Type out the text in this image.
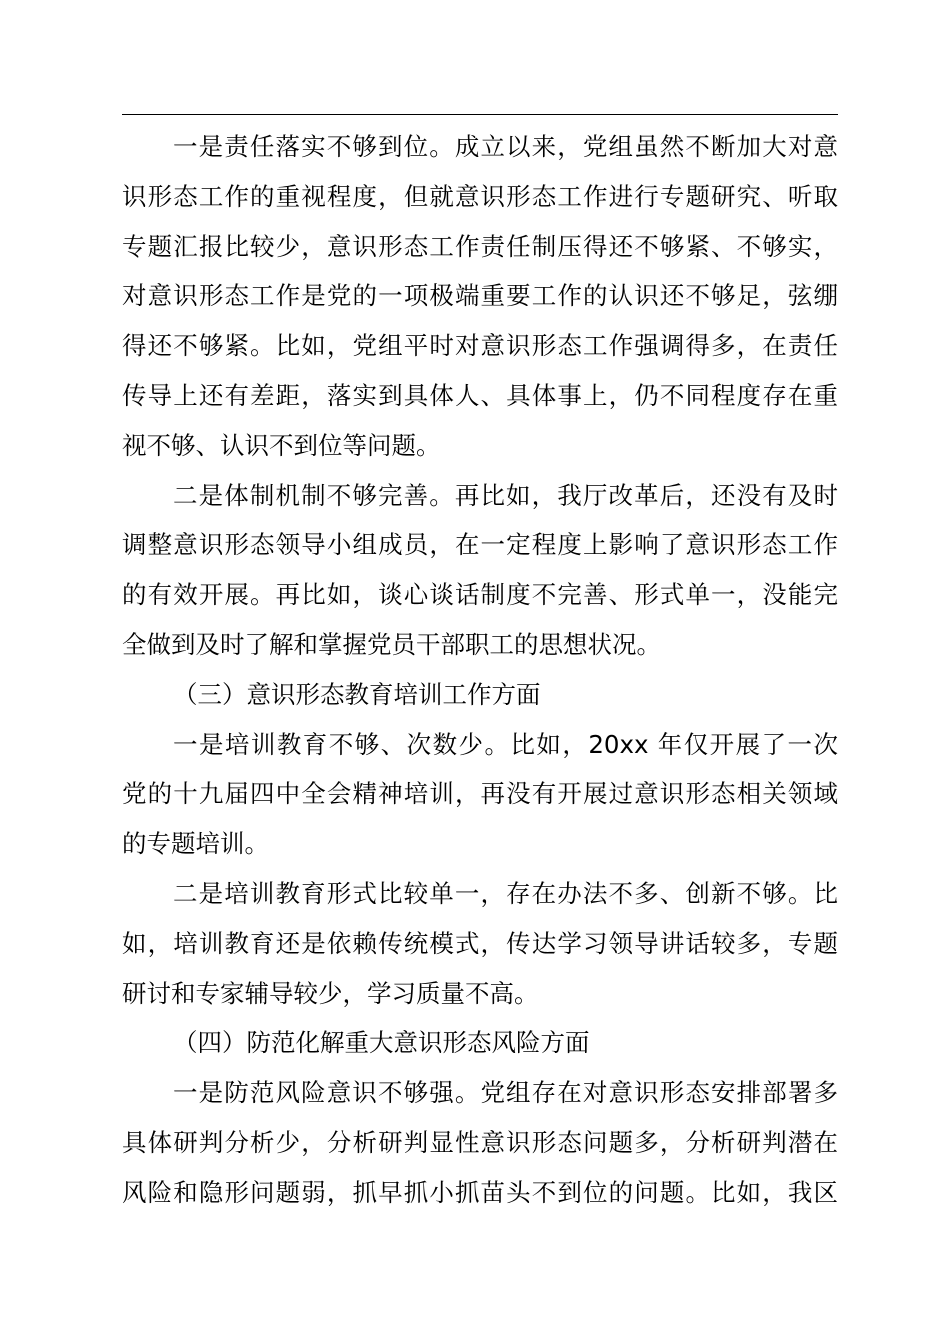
一是责任落实不够到位。成立以来，党组虽然不断加大对意
识形态工作的重视程度，但就意识形态工作进行专题研究、听取
专题汇报比较少，意识形态工作责任制压得还不够紧、不够实，
对意识形态工作是党的一项极端重要工作的认识还不够足，弦绷
得还不够紧。比如，党组平时对意识形态工作强调得多，在责任
传导上还有差距，落实到具体人、具体事上，仍不同程度存在重
视不够、认识不到位等问题。
二是体制机制不够完善。再比如，我厅改革后，还没有及时
调整意识形态领导小组成员，在一定程度上影响了意识形态工作
的有效开展。再比如，谈心谈话制度不完善、形式单一，没能完
全做到及时了解和掌握党员干部职工的思想状况。
（三）意识形态教育培训工作方面
一是培训教育不够、次数少。比如，20xx 年仅开展了一次
党的十九届四中全会精神培训，再没有开展过意识形态相关领域
的专题培训。
二是培训教育形式比较单一，存在办法不多、创新不够。比
如，培训教育还是依赖传统模式，传达学习领导讲话较多，专题
研讨和专家辅导较少，学习质量不高。
（四）防范化解重大意识形态风险方面
一是防范风险意识不够强。党组存在对意识形态安排部署多
具体研判分析少，分析研判显性意识形态问题多，分析研判潜在
风险和隐形问题弱，抓早抓小抓苗头不到位的问题。比如，我区
